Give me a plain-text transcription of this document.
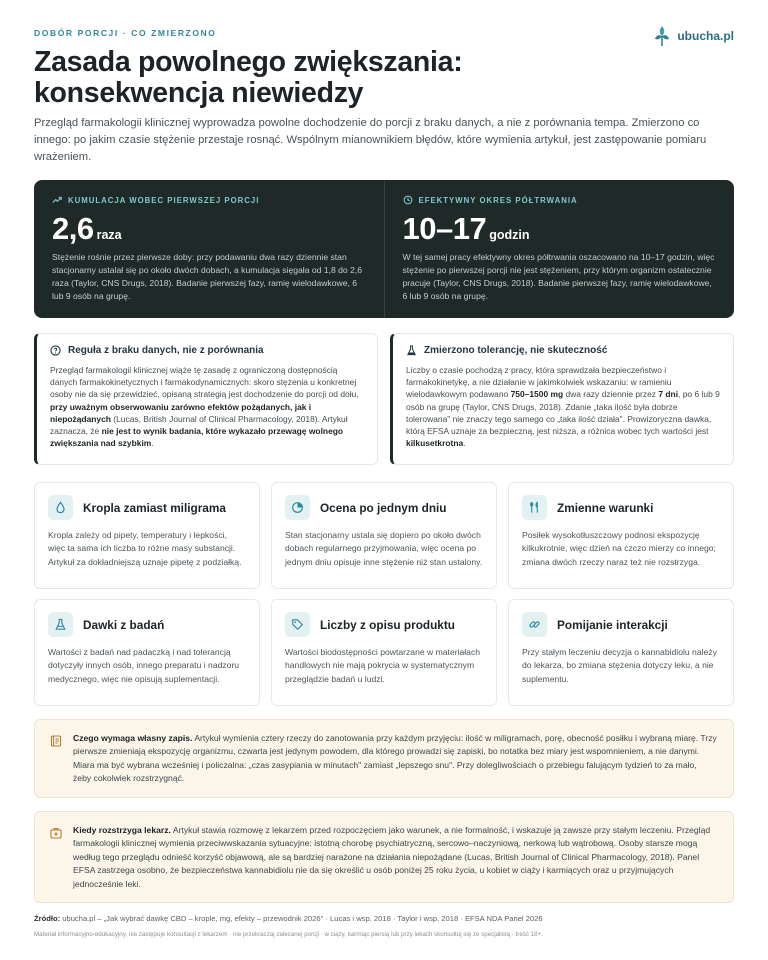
DOBÓR PORCJI · CO ZMIERZONO	ubucha.pl
Zasada powolnego zwiększania:
konsekwencja niewiedzy
Przegląd farmakologii klinicznej wyprowadza powolne dochodzenie do porcji z braku danych, a nie z porównania tempa. Zmierzono co innego: po jakim czasie stężenie przestaje rosnąć. Wspólnym mianownikiem błędów, które wymienia artykuł, jest zastępowanie pomiaru wrażeniem.
KUMULACJA WOBEC PIERWSZEJ PORCJI
2,6 raza
Stężenie rośnie przez pierwsze doby: przy podawaniu dwa razy dziennie stan stacjonarny ustalał się po około dwóch dobach, a kumulacja sięgała od 1,8 do 2,6 raza (Taylor, CNS Drugs, 2018). Badanie pierwszej fazy, ramię wielodawkowe, 6 lub 9 osób na grupę.
EFEKTYWNY OKRES PÓŁTRWANIA
10–17 godzin
W tej samej pracy efektywny okres półtrwania oszacowano na 10–17 godzin, więc stężenie po pierwszej porcji nie jest stężeniem, przy którym organizm ostatecznie pracuje (Taylor, CNS Drugs, 2018). Badanie pierwszej fazy, ramię wielodawkowe, 6 lub 9 osób na grupę.
Reguła z braku danych, nie z porównania
Przegląd farmakologii klinicznej wiąże tę zasadę z ograniczoną dostępnością danych farmakokinetycznych i farmakodynamicznych: skoro stężenia u konkretnej osoby nie da się przewidzieć, opisaną strategią jest dochodzenie do porcji od dołu, przy uważnym obserwowaniu zarówno efektów pożądanych, jak i niepożądanych (Lucas, British Journal of Clinical Pharmacology, 2018). Artykuł zaznacza, że nie jest to wynik badania, które wykazało przewagę wolnego zwiększania nad szybkim.
Zmierzono tolerancję, nie skuteczność
Liczby o czasie pochodzą z pracy, która sprawdzała bezpieczeństwo i farmakokinetykę, a nie działanie w jakimkolwiek wskazaniu: w ramieniu wielodawkowym podawano 750–1500 mg dwa razy dziennie przez 7 dni, po 6 lub 9 osób na grupę (Taylor, CNS Drugs, 2018). Zdanie „taka ilość była dobrze tolerowana" nie znaczy tego samego co „taka ilość działa". Prowizoryczna dawka, którą EFSA uznaje za bezpieczną, jest niższa, a różnica wobec tych wartości jest kilkusetkrotna.
Kropla zamiast miligrama
Kropla zależy od pipety, temperatury i lepkości, więc ta sama ich liczba to różne masy substancji. Artykuł za dokładniejszą uznaje pipetę z podziałką.
Ocena po jednym dniu
Stan stacjonarny ustala się dopiero po około dwóch dobach regularnego przyjmowania, więc ocena po jednym dniu opisuje inne stężenie niż stan ustalony.
Zmienne warunki
Posiłek wysokotłuszczowy podnosi ekspozycję kilkukrotnie, więc dzień na czczo mierzy co innego; zmiana dwóch rzeczy naraz też nie rozstrzyga.
Dawki z badań
Wartości z badań nad padaczką i nad tolerancją dotyczyły innych osób, innego preparatu i nadzoru medycznego, więc nie opisują suplementacji.
Liczby z opisu produktu
Wartości biodostępności powtarzane w materiałach handlowych nie mają pokrycia w systematycznym przeglądzie badań u ludzi.
Pomijanie interakcji
Przy stałym leczeniu decyzja o kannabidiolu należy do lekarza, bo zmiana stężenia dotyczy leku, a nie suplementu.
Czego wymaga własny zapis. Artykuł wymienia cztery rzeczy do zanotowania przy każdym przyjęciu: ilość w miligramach, porę, obecność posiłku i wybraną miarę. Trzy pierwsze zmieniają ekspozycję organizmu, czwarta jest jedynym powodem, dla którego prowadzi się zapiski, bo notatka bez miary jest wspomnieniem, a nie danymi. Miara ma być wybrana wcześniej i policzalna: „czas zasypiania w minutach" zamiast „lepszego snu". Przy dolegliwościach o przebiegu falującym tydzień to za mało, żeby cokolwiek rozstrzygnąć.
Kiedy rozstrzyga lekarz. Artykuł stawia rozmowę z lekarzem przed rozpoczęciem jako warunek, a nie formalność, i wskazuje ją zawsze przy stałym leczeniu. Przegląd farmakologii klinicznej wymienia przeciwwskazania sytuacyjne: istotną chorobę psychiatryczną, sercowo–naczyniową, nerkową lub wątrobową. Osoby starsze mogą według tego przeglądu odnieść korzyść objawową, ale są bardziej narażone na działania niepożądane (Lucas, British Journal of Clinical Pharmacology, 2018). Panel EFSA zastrzega osobno, że bezpieczeństwa kannabidiolu nie da się określić u osób poniżej 25 roku życia, u kobiet w ciąży i karmiących oraz u przyjmujących jednocześnie leki.
Źródło: ubucha.pl – „Jak wybrać dawkę CBD – krople, mg, efekty – przewodnik 2026" · Lucas i wsp. 2018 · Taylor i wsp. 2018 · EFSA NDA Panel 2026
Materiał informacyjno-edukacyjny, nie zastępuje konsultacji z lekarzem · nie przekraczaj zalecanej porcji · w ciąży, karmiąc piersią lub przy lekach skonsultuj się ze specjalistą · treść 18+.
